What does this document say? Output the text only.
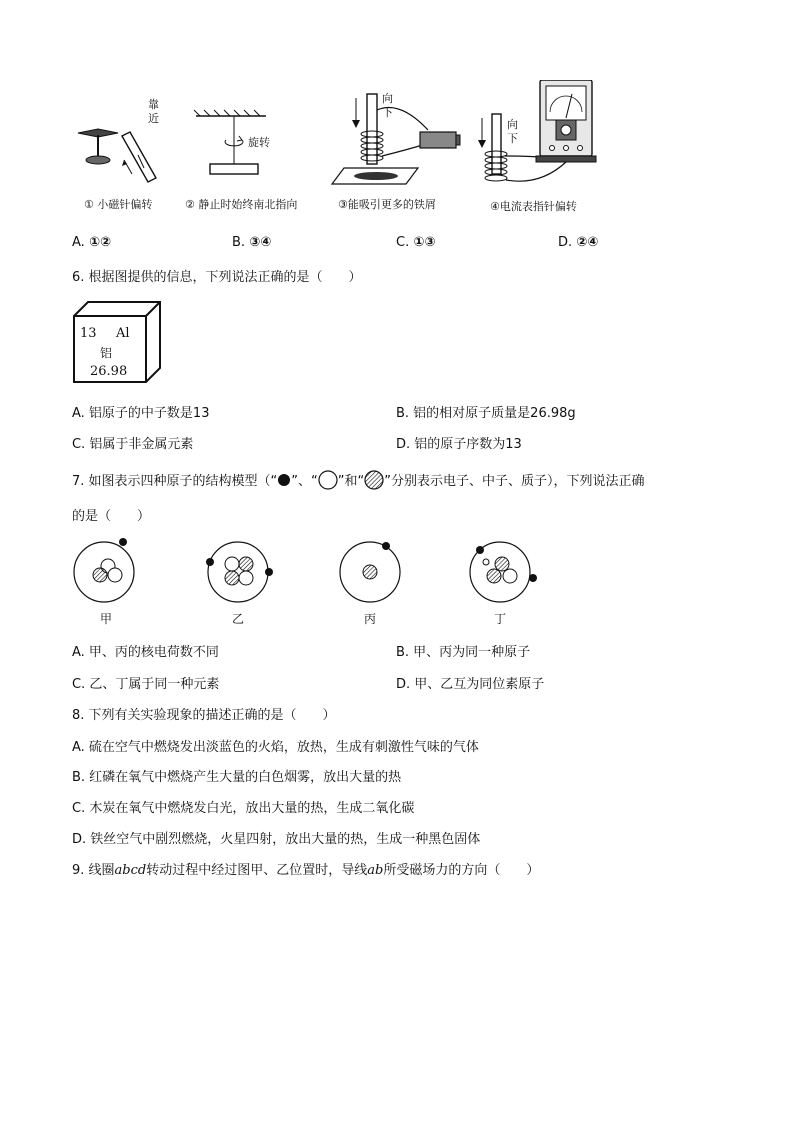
靠近
旋转
向下
向下
① 小磁针偏转	② 静止时始终南北指向	③能吸引更多的铁屑	④电流表指针偏转
A. ①②	B. ③④	C. ①③	D. ②④
6. 根据图提供的信息，下列说法正确的是（　　）
13 Al
铝
26.98
A. 铝原子的中子数是13	B. 铝的相对原子质量是26.98g
C. 铝属于非金属元素	D. 铝的原子序数为13
7. 如图表示四种原子的结构模型（“ ”、“ ”和“ ”分别表示电子、中子、质子），下列说法正确
的是（　　）
甲	乙	丙	丁
A. 甲、丙的核电荷数不同	B. 甲、丙为同一种原子
C. 乙、丁属于同一种元素	D. 甲、乙互为同位素原子
8. 下列有关实验现象的描述正确的是（　　）
A. 硫在空气中燃烧发出淡蓝色的火焰，放热，生成有刺激性气味的气体
B. 红磷在氧气中燃烧产生大量的白色烟雾，放出大量的热
C. 木炭在氧气中燃烧发白光，放出大量的热，生成二氧化碳
D. 铁丝空气中剧烈燃烧，火星四射，放出大量的热，生成一种黑色固体
9. 线圈abcd转动过程中经过图甲、乙位置时，导线ab所受磁场力的方向（　　）
